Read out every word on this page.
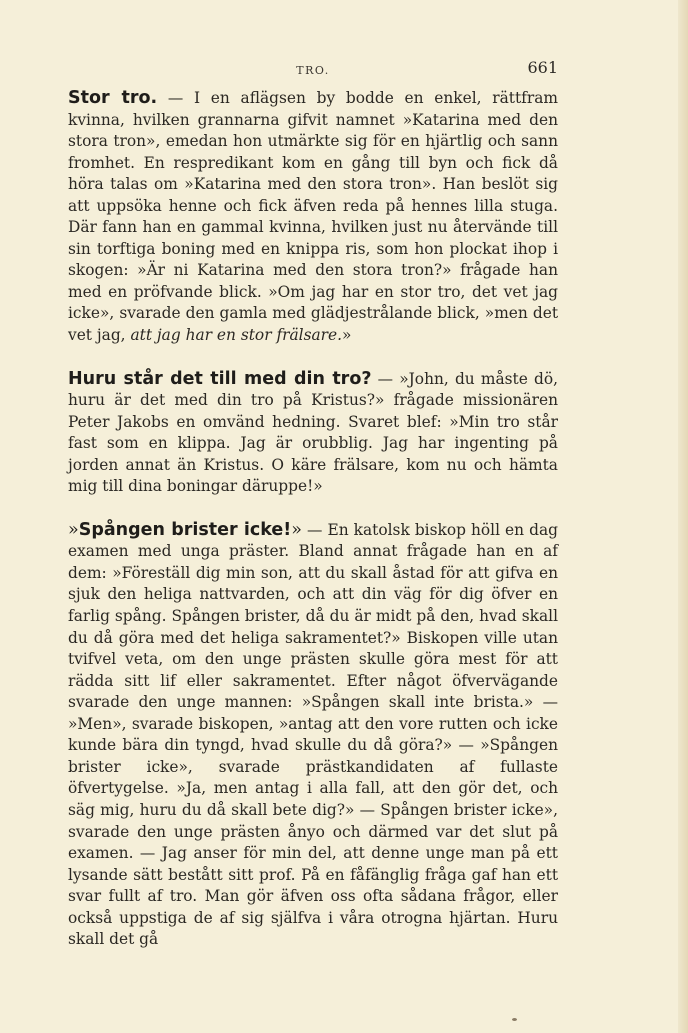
TRO.	661

Stor tro. — I en aflägsen by bodde en enkel, rättfram kvinna, hvilken grannarna gifvit namnet »Katarina med den stora tron», emedan hon utmärkte sig för en hjärtlig och sann fromhet. En respredikant kom en gång till byn och fick då höra talas om »Katarina med den stora tron». Han beslöt sig att uppsöka henne och fick äfven reda på hennes lilla stuga. Där fann han en gammal kvinna, hvilken just nu återvände till sin torftiga boning med en knippa ris, som hon plockat ihop i skogen: »Är ni Katarina med den stora tron?» frågade han med en pröfvande blick. »Om jag har en stor tro, det vet jag icke», svarade den gamla med glädjestrålande blick, »men det vet jag, att jag har en stor frälsare.»

Huru står det till med din tro? — »John, du måste dö, huru är det med din tro på Kristus?» frågade missionären Peter Jakobs en omvänd hedning. Svaret blef: »Min tro står fast som en klippa. Jag är orubblig. Jag har ingenting på jorden annat än Kristus. O käre frälsare, kom nu och hämta mig till dina boningar däruppe!»

»Spången brister icke!» — En katolsk biskop höll en dag examen med unga präster. Bland annat frågade han en af dem: »Föreställ dig min son, att du skall åstad för att gifva en sjuk den heliga nattvarden, och att din väg för dig öfver en farlig spång. Spången brister, då du är midt på den, hvad skall du då göra med det heliga sakramentet?» Biskopen ville utan tvifvel veta, om den unge prästen skulle göra mest för att rädda sitt lif eller sakramentet. Efter något öfvervägande svarade den unge mannen: »Spången skall inte brista.» — »Men», svarade biskopen, »antag att den vore rutten och icke kunde bära din tyngd, hvad skulle du då göra?» — »Spången brister icke», svarade prästkandidaten af fullaste öfvertygelse. »Ja, men antag i alla fall, att den gör det, och säg mig, huru du då skall bete dig?» — Spången brister icke», svarade den unge prästen ånyo och därmed var det slut på examen. — Jag anser för min del, att denne unge man på ett lysande sätt bestått sitt prof. På en fåfänglig fråga gaf han ett svar fullt af tro. Man gör äfven oss ofta sådana frågor, eller också uppstiga de af sig själfva i våra otrogna hjärtan. Huru skall det gå
